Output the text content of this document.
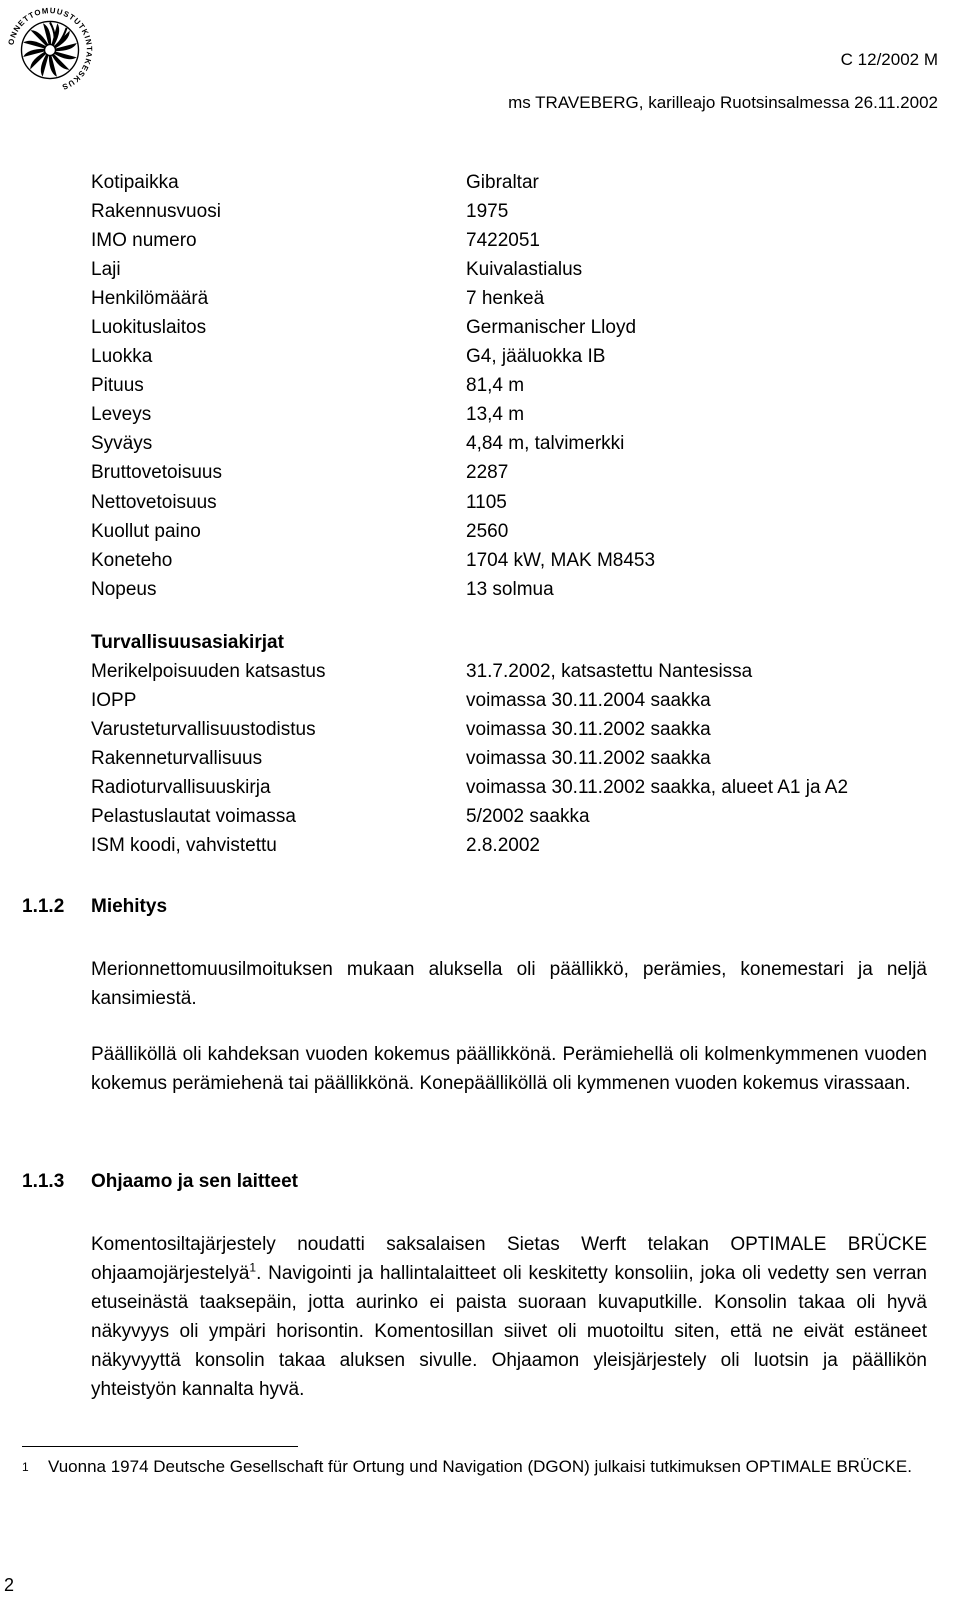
ONNETTOMUUSTUTKINTAKESKUS
C 12/2002 M
ms TRAVEBERG, karilleajo Ruotsinsalmessa 26.11.2002
Kotipaikka	Gibraltar
Rakennusvuosi	1975
IMO numero	7422051
Laji	Kuivalastialus
Henkilömäärä	7 henkeä
Luokituslaitos	Germanischer Lloyd
Luokka	G4, jääluokka IB
Pituus	81,4 m
Leveys	13,4 m
Syväys	4,84 m, talvimerkki
Bruttovetoisuus	2287
Nettovetoisuus	1105
Kuollut paino	2560
Koneteho	1704 kW, MAK M8453
Nopeus	13 solmua
Turvallisuusasiakirjat
Merikelpoisuuden katsastus	31.7.2002, katsastettu Nantesissa
IOPP	voimassa 30.11.2004 saakka
Varusteturvallisuustodistus	voimassa 30.11.2002 saakka
Rakenneturvallisuus	voimassa 30.11.2002 saakka
Radioturvallisuuskirja	voimassa 30.11.2002 saakka, alueet A1 ja A2
Pelastuslautat voimassa	5/2002 saakka
ISM koodi, vahvistettu	2.8.2002
1.1.2	Miehitys

Merionnettomuusilmoituksen mukaan aluksella oli päällikkö, perämies, konemestari ja neljä kansimiestä.

Päälliköllä oli kahdeksan vuoden kokemus päällikkönä. Perämiehellä oli kolmenkymmenen vuoden kokemus perämiehenä tai päällikkönä. Konepäälliköllä oli kymmenen vuoden kokemus virassaan.

1.1.3	Ohjaamo ja sen laitteet

Komentosiltajärjestely noudatti saksalaisen Sietas Werft telakan OPTIMALE BRÜCKE ohjaamojärjestelyä$^1$. Navigointi ja hallintalaitteet oli keskitetty konsoliin, joka oli vedetty sen verran etuseinästä taaksepäin, jotta aurinko ei paista suoraan kuvaputkille. Konsolin takaa oli hyvä näkyvyys oli ympäri horisontin. Komentosillan siivet oli muotoiltu siten, että ne eivät estäneet näkyvyyttä konsolin takaa aluksen sivulle. Ohjaamon yleisjärjestely oli luotsin ja päällikön yhteistyön kannalta hyvä.

1	Vuonna 1974 Deutsche Gesellschaft für Ortung und Navigation (DGON) julkaisi tutkimuksen OPTIMALE BRÜCKE.
2
